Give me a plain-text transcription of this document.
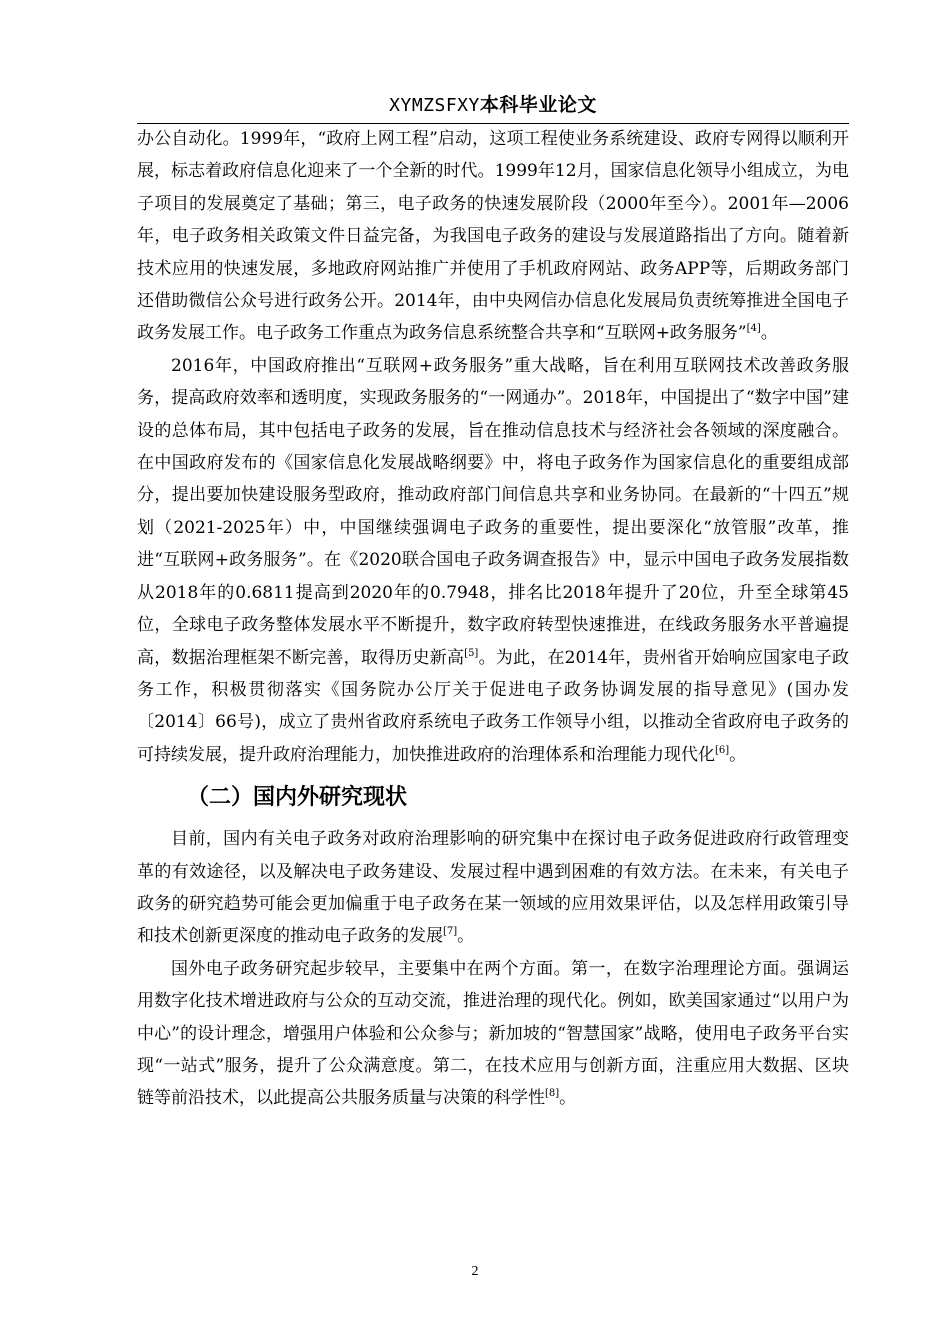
XYMZSFXY本科毕业论文

办公自动化。1999年，“政府上网工程”启动，这项工程使业务系统建设、政府专网得以顺利开展，标志着政府信息化迎来了一个全新的时代。1999年12月，国家信息化领导小组成立，为电子项目的发展奠定了基础；第三，电子政务的快速发展阶段（2000年至今）。2001年—2006年，电子政务相关政策文件日益完备，为我国电子政务的建设与发展道路指出了方向。随着新技术应用的快速发展，多地政府网站推广并使用了手机政府网站、政务APP等，后期政务部门还借助微信公众号进行政务公开。2014年，由中央网信办信息化发展局负责统筹推进全国电子政务发展工作。电子政务工作重点为政务信息系统整合共享和“互联网+政务服务”[4]。

2016年，中国政府推出“互联网+政务服务”重大战略，旨在利用互联网技术改善政务服务，提高政府效率和透明度，实现政务服务的“一网通办”。2018年，中国提出了“数字中国”建设的总体布局，其中包括电子政务的发展，旨在推动信息技术与经济社会各领域的深度融合。在中国政府发布的《国家信息化发展战略纲要》中，将电子政务作为国家信息化的重要组成部分，提出要加快建设服务型政府，推动政府部门间信息共享和业务协同。在最新的“十四五”规划（2021-2025年）中，中国继续强调电子政务的重要性，提出要深化“放管服”改革，推进“互联网+政务服务”。在《2020联合国电子政务调查报告》中，显示中国电子政务发展指数从2018年的0.6811提高到2020年的0.7948，排名比2018年提升了20位，升至全球第45位，全球电子政务整体发展水平不断提升，数字政府转型快速推进，在线政务服务水平普遍提高，数据治理框架不断完善，取得历史新高[5]。为此，在2014年，贵州省开始响应国家电子政务工作，积极贯彻落实《国务院办公厅关于促进电子政务协调发展的指导意见》(国办发〔2014〕66号)，成立了贵州省政府系统电子政务工作领导小组，以推动全省政府电子政务的可持续发展，提升政府治理能力，加快推进政府的治理体系和治理能力现代化[6]。

（二）国内外研究现状

目前，国内有关电子政务对政府治理影响的研究集中在探讨电子政务促进政府行政管理变革的有效途径，以及解决电子政务建设、发展过程中遇到困难的有效方法。在未来，有关电子政务的研究趋势可能会更加偏重于电子政务在某一领域的应用效果评估，以及怎样用政策引导和技术创新更深度的推动电子政务的发展[7]。

国外电子政务研究起步较早，主要集中在两个方面。第一，在数字治理理论方面。强调运用数字化技术增进政府与公众的互动交流，推进治理的现代化。例如，欧美国家通过“以用户为中心”的设计理念，增强用户体验和公众参与；新加坡的“智慧国家”战略，使用电子政务平台实现“一站式”服务，提升了公众满意度。第二，在技术应用与创新方面，注重应用大数据、区块链等前沿技术，以此提高公共服务质量与决策的科学性[8]。

2
